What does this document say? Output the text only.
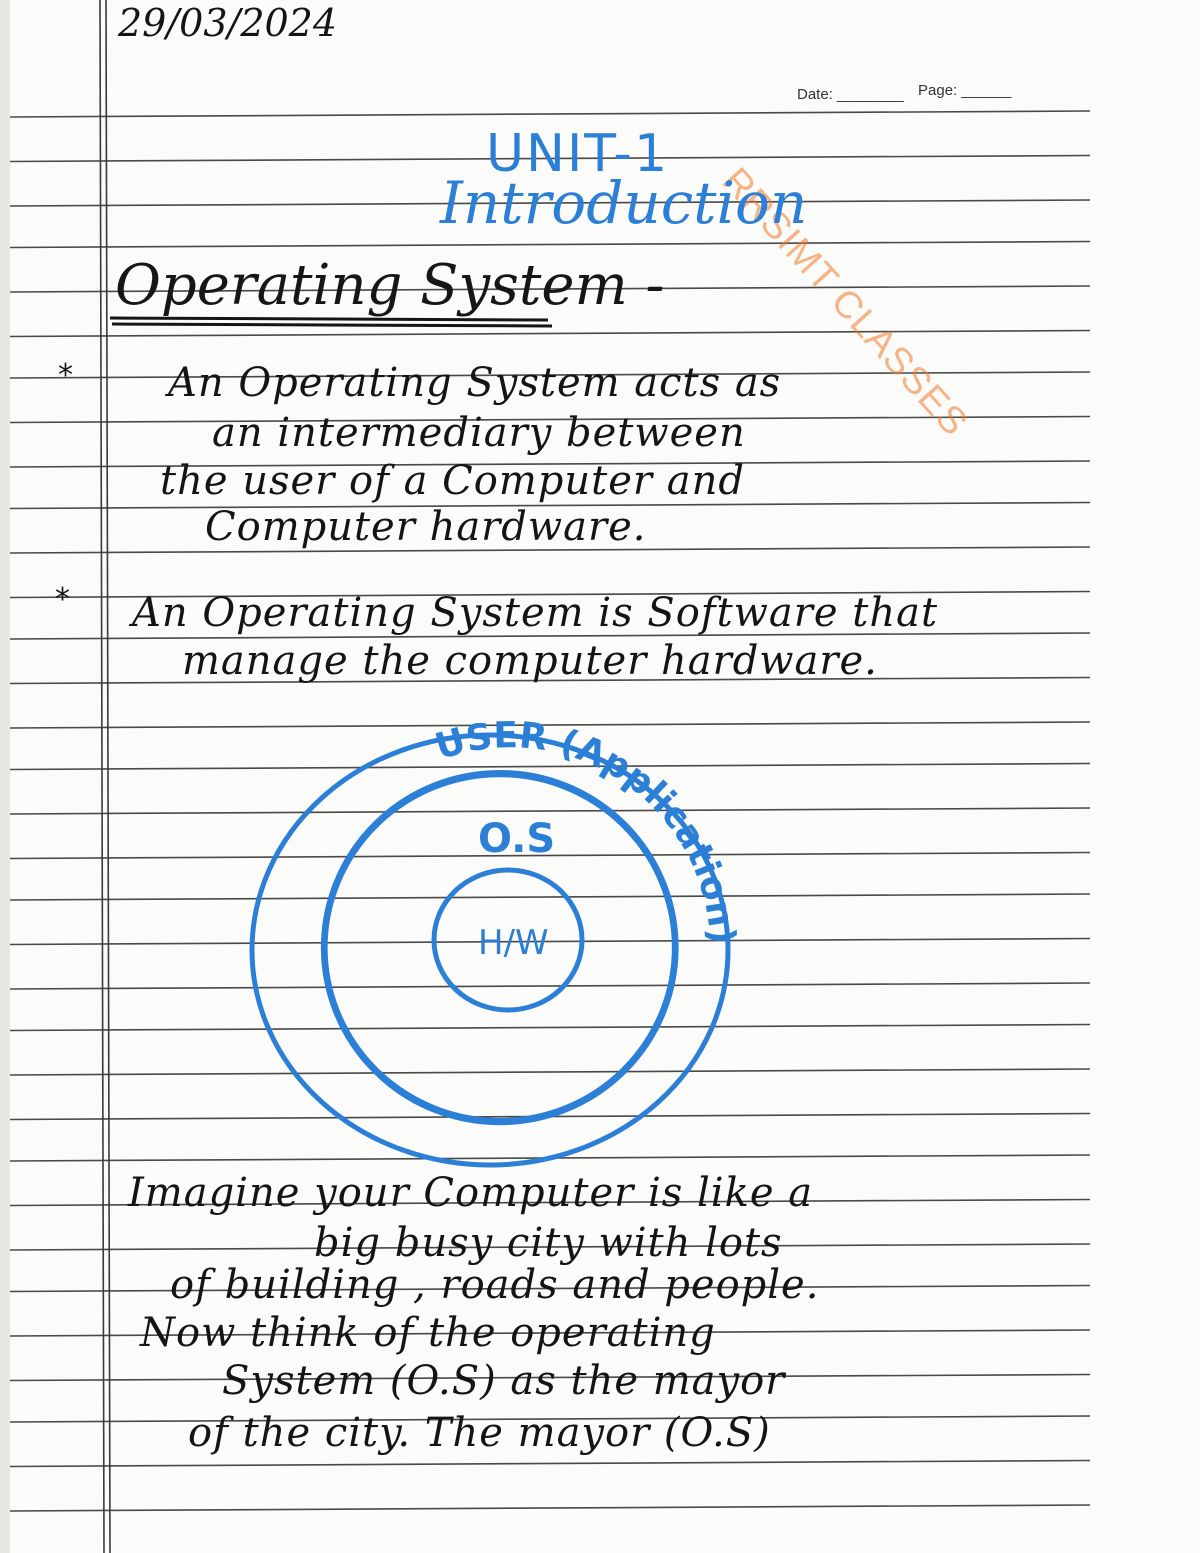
29/03/2024
Date: ________ Page: ______
RRSIMT CLASSES
UNIT-1
Introduction
Operating System -
* An Operating System acts as
an intermediary between
the user of a Computer and
Computer hardware.
* An Operating System is Software that
manage the computer hardware.
USER (Application)
O.S
H/W
Imagine your Computer is like a
big busy city with lots
of building , roads and people.
Now think of the operating
System (O.S) as the mayor
of the city. The mayor (O.S)
